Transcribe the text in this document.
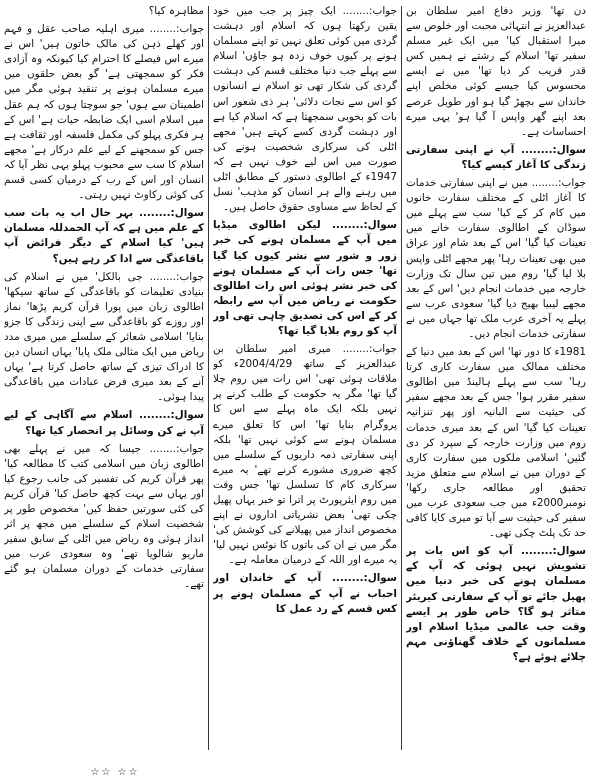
دن تھا' وزیر دفاع امیر سلطان بن عبدالعزیز نے انتہائی محبت اور خلوص سے میرا استقبال کیا' میں ایک غیر مسلم سفیر تھا' اسلام کے رشتے نے ہمیں کس قدر قریب کر دیا تھا' میں نے ایسے محسوس کیا جیسے کوئی مخلص اپنے خاندان سے بچھڑ گیا ہو اور طویل عرصے بعد اپنے گھر واپس آ گیا ہو' یہی میرے احساسات ہے۔

سوال:........ آپ نے اپنی سفارتی زندگی کا آغاز کیسے کیا؟

جواب:........ میں نے اپنی سفارتی خدمات کا آغاز اٹلی کے مختلف سفارت خانوں میں کام کر کے کیا' سب سے پہلے میں سوڈان کے اطالوی سفارت خانے میں تعینات کیا گیا' اس کے بعد شام اور عراق میں بھی تعینات رہا' پھر مجھے اٹلی واپس بلا لیا گیا' روم میں تین سال تک وزارت خارجہ میں خدمات انجام دیں' اس کے بعد مجھے لیبیا بھیج دیا گیا' سعودی عرب سے پہلے یہ آخری عرب ملک تھا جہاں میں نے سفارتی خدمات انجام دیں۔

1981ء کا دور تھا' اس کے بعد میں دنیا کے مختلف ممالک میں سفارت کاری کرتا رہا' سب سے پہلے ہالینڈ میں اطالوی سفیر مقرر ہوا' جس کے بعد مجھے سفیر کی حیثیت سے البانیہ اور پھر تنزانیہ تعینات کیا گیا' اس کے بعد میری خدمات روم میں وزارت خارجہ کے سپرد کر دی گئیں' اسلامی ملکوں میں سفارت کاری کے دوران میں نے اسلام سے متعلق مزید تحقیق اور مطالعہ جاری رکھا' نومبر2000ء میں جب سعودی عرب میں سفیر کی حیثیت سے آیا تو میری کایا کافی حد تک پلٹ چکی تھی۔

سوال:........ آپ کو اس بات پر تشویش نہیں ہوئی کہ آپ کے مسلمان ہونے کی خبر دنیا میں پھیل جائے تو آپ کے سفارتی کیریئر متاثر ہو گا؟ خاص طور پر ایسے وقت جب عالمی میڈیا اسلام اور مسلمانوں کے خلاف گھناؤنی مہم چلائے ہوئے ہے؟

جواب:........ ایک چیز پر جب میں خود یقین رکھتا ہوں کہ اسلام اور دہشت گردی میں کوئی تعلق نہیں تو اپنے مسلمان ہونے پر کیوں خوف زدہ ہو جاؤں' اسلام سے پہلے جب دنیا مختلف قسم کی دہشت گردی کی شکار تھی تو اسلام نے انسانوں کو اس سے نجات دلائی' ہر ذی شعور اس بات کو بخوبی سمجھتا ہے کہ اسلام کیا ہے اور دہشت گردی کسے کہتے ہیں' مجھے اٹلی کی سرکاری شخصیت ہونے کی صورت میں اس لیے خوف نہیں ہے کہ 1947ء کے اطالوی دستور کے مطابق اٹلی میں رہنے والے ہر انسان کو مذہب' نسل کے لحاظ سے مساوی حقوق حاصل ہیں۔

سوال:........ لیکن اطالوی میڈیا میں آپ کے مسلمان ہونے کی خبر زور و شور سے نشر کیوں کیا گیا تھا' جس رات آپ کے مسلمان ہونے کی خبر نشر ہوئی اس رات اطالوی حکومت نے ریاض میں آپ سے رابطہ کر کے اس کی تصدیق چاہی تھی اور آپ کو روم بلایا گیا تھا؟

جواب:........ میری امیر سلطان بن عبدالعزیز کے ساتھ 2004/4/29ء کو ملاقات ہوئی تھی' اس رات میں روم چلا گیا تھا' مگر یہ حکومت کے طلب کرنے پر نہیں بلکہ ایک ماہ پہلے سے اس کا پروگرام بنایا تھا' اس کا تعلق میرے مسلمان ہونے سے کوئی نہیں تھا' بلکہ اپنی سفارتی ذمہ داریوں کے سلسلے میں کچھ ضروری مشورے کرنے تھے' یہ میرے سرکاری کام کا تسلسل تھا' جس وقت میں روم ایئرپورٹ پر اترا تو خبر یہاں پھیل چکی تھی' بعض نشریاتی اداروں نے اپنے مخصوص انداز میں پھیلانے کی کوشش کی' مگر میں نے ان کی باتوں کا نوٹس نہیں لیا' یہ میرے اور اللہ کے درمیان معاملہ ہے۔

سوال:........ آپ کے خاندان اور احباب نے آپ کے مسلمان ہونے پر کس قسم کے رد عمل کا

مظاہرہ کیا؟

جواب:........ میری اہلیہ صاحب عقل و فہم اور کھلے ذہن کی مالک خاتون ہیں' اس نے میرے اس فیصلے کا احترام کیا کیونکہ وہ آزادی فکر کو سمجھتی ہے' گو بعض حلقوں میں میرے مسلمان ہونے پر تنقید ہوئی مگر میں اطمینان سے ہوں' جو سوچتا ہوں کہ ہم عقل میں اسلام اسی ایک ضابطہ حیات ہے' اس کے ہر فکری پہلو کی مکمل فلسفہ اور ثقافت ہے جس کو سمجھنے کے لیے علم درکار ہے' مجھے اسلام کا سب سے محبوب پہلو یہی نظر آیا کہ انسان اور اس کے رب کے درمیان کسی قسم کی کوئی رکاوٹ نہیں رہتی۔

سوال:........ بہر حال اب یہ بات سب کے علم میں ہے کہ آپ الحمدللہ مسلمان ہیں' کیا اسلام کے دیگر فرائض آپ باقاعدگی سے ادا کر رہے ہیں؟

جواب:........ جی بالکل' میں نے اسلام کی بنیادی تعلیمات کو باقاعدگی کے ساتھ سیکھا' اطالوی زبان میں پورا قرآن کریم پڑھا' نماز اور روزے کو باقاعدگی سے اپنی زندگی کا جزو بنایا' اسلامی شعائر کے سلسلے میں میری مدد ریاض میں ایک مثالی ملک پایا' یہاں انسان دین کا ادراک تیزی کے ساتھ حاصل کرتا ہے' یہاں آنے کے بعد میری فرض عبادات میں باقاعدگی پیدا ہوئی۔

سوال:........ اسلام سے آگاہی کے لیے آپ نے کن وسائل پر انحصار کیا تھا؟

جواب:........ جیسا کہ میں نے پہلے بھی اطالوی زبان میں اسلامی کتب کا مطالعہ کیا' پھر قرآن کریم کی تفسیر کی جانب رجوع کیا اور یہاں سے بہت کچھ حاصل کیا' قرآن کریم کی کئی سورتیں حفظ کیں' مخصوص طور پر شخصیت اسلام کے سلسلے میں مجھ پر اثر انداز ہوئی وہ ریاض میں اٹلی کے سابق سفیر ماریو شالویا تھے' وہ سعودی عرب میں سفارتی خدمات کے دوران مسلمان ہو گئے تھے۔

☆☆ ☆☆
